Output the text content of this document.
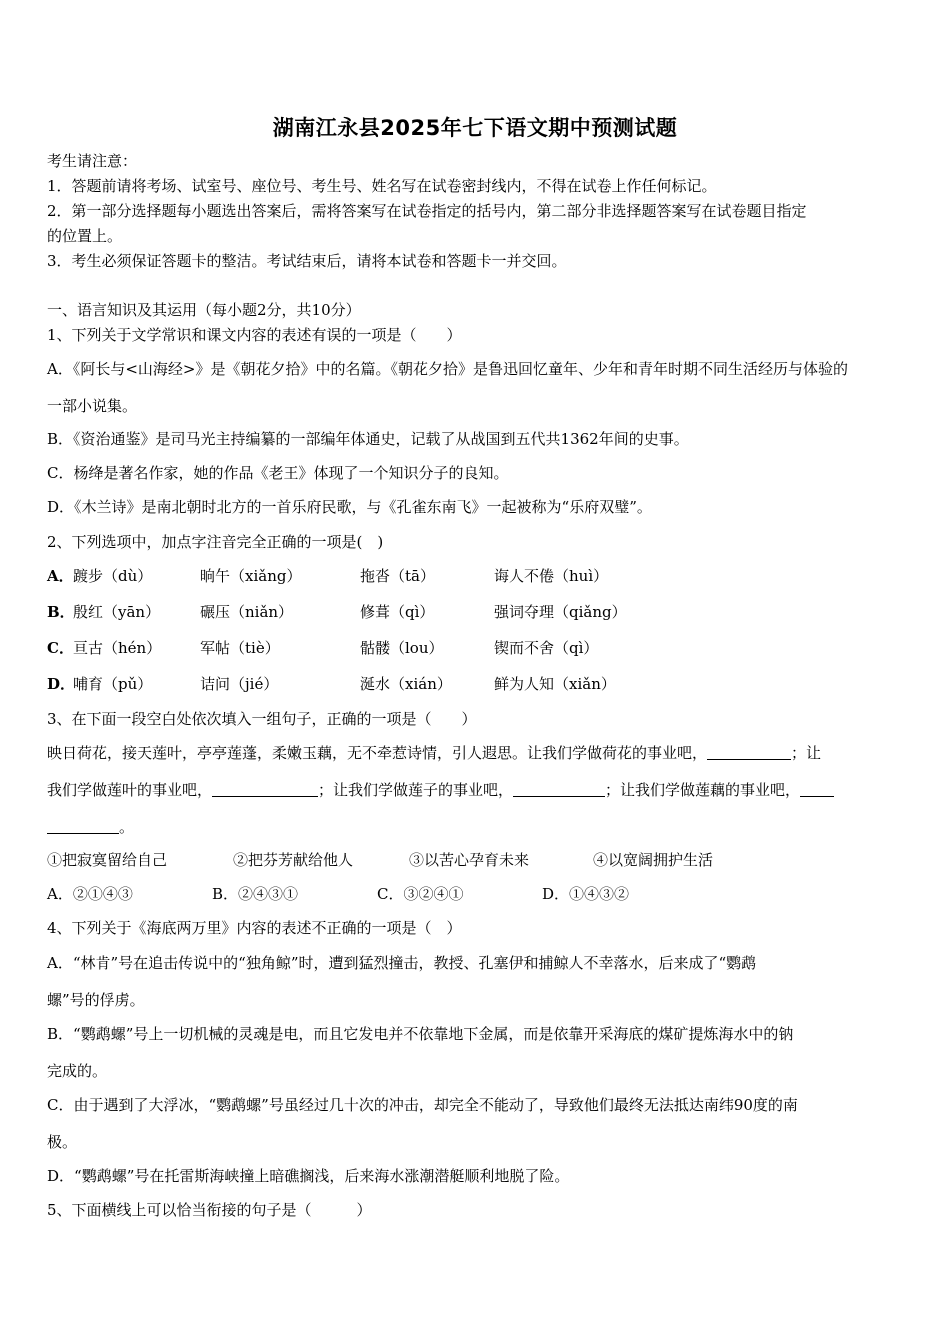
湖南江永县2025年七下语文期中预测试题
考生请注意：
1．答题前请将考场、试室号、座位号、考生号、姓名写在试卷密封线内，不得在试卷上作任何标记。
2．第一部分选择题每小题选出答案后，需将答案写在试卷指定的括号内，第二部分非选择题答案写在试卷题目指定
的位置上。
3．考生必须保证答题卡的整洁。考试结束后，请将本试卷和答题卡一并交回。
一、语言知识及其运用（每小题2分，共10分）
1、下列关于文学常识和课文内容的表述有误的一项是（　　）
A．《阿长与<山海经>》是《朝花夕拾》中的名篇。《朝花夕拾》是鲁迅回忆童年、少年和青年时期不同生活经历与体验的
一部小说集。
B．《资治通鉴》是司马光主持编纂的一部编年体通史，记载了从战国到五代共1362年间的史事。
C．杨绛是著名作家，她的作品《老王》体现了一个知识分子的良知。
D．《木兰诗》是南北朝时北方的一首乐府民歌，与《孔雀东南飞》一起被称为“乐府双璧”。
2、下列选项中，加点字注音完全正确的一项是(　)
A． 踱步（dù）	晌午（xiǎng）	拖沓（tā）	诲人不倦（huì）
B．
殷红（yān）	碾压（niǎn）	修葺（qì）	强词夺理（qiǎng）
C． 亘古（hén）	军帖（tiè）	骷髅（lou）	锲而不舍（qì）
D．
哺育（pǔ）	诘问（jié）	涎水（xián）	鲜为人知（xiǎn）
3、在下面一段空白处依次填入一组句子，正确的一项是（　　）
映日荷花，接天莲叶，亭亭莲蓬，柔嫩玉藕，无不牵惹诗情，引人遐思。让我们学做荷花的事业吧，	；让
我们学做莲叶的事业吧，	；让我们学做莲子的事业吧，	；让我们学做莲藕的事业吧，
。
①把寂寞留给自己	②把芬芳献给他人	③以苦心孕育未来	④以宽阔拥护生活
A．②①④③	B．②④③①	C．③②④①	D．①④③②
4、下列关于《海底两万里》内容的表述不正确的一项是（　）
A．“林肯”号在追击传说中的“独角鲸”时，遭到猛烈撞击，教授、孔塞伊和捕鲸人不幸落水，后来成了“鹦鹉
螺”号的俘虏。
B．“鹦鹉螺”号上一切机械的灵魂是电，而且它发电并不依靠地下金属，而是依靠开采海底的煤矿提炼海水中的钠
完成的。
C．由于遇到了大浮冰，“鹦鹉螺”号虽经过几十次的冲击，却完全不能动了，导致他们最终无法抵达南纬90度的南
极。
D．“鹦鹉螺”号在托雷斯海峡撞上暗礁搁浅，后来海水涨潮潜艇顺利地脱了险。
5、下面横线上可以恰当衔接的句子是（　　　）
